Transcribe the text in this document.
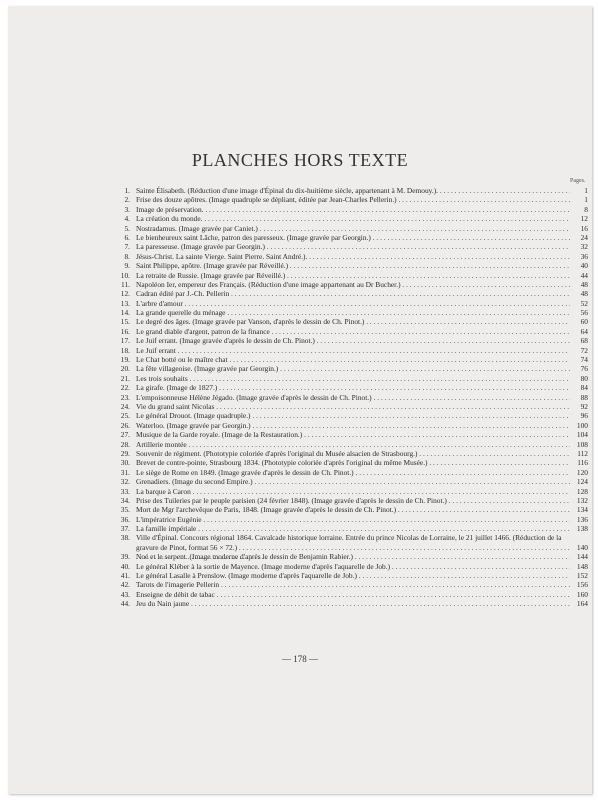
PLANCHES HORS TEXTE
Pages.
1. Sainte Élisabeth. (Réduction d'une image d'Épinal du dix-huitième siècle, appartenant à M. Demouy.). . . .	1
2. Frise des douze apôtres. (Image quadruple se dépliant, éditée par Jean-Charles Pellerin.) . . .	1
3. Image de préservation. . . .	8
4. La création du monde. . . .	12
5. Nostradamus. (Image gravée par Caniet.) . . .	16
6. Le bienheureux saint Lâche, patron des paresseux. (Image gravée par Georgin.) . . .	24
7. La paresseuse. (Image gravée par Georgin.) . . .	32
8. Jésus-Christ. La sainte Vierge. Saint Pierre. Saint André.). . . .	36
9. Saint Philippe, apôtre. (Image gravée par Réveillé.) . . .	40
10. La retraite de Russie. (Image gravée par Réveillé.) . . .	44
11. Napoléon Ier, empereur des Français. (Réduction d'une image appartenant au Dr Bucher.) . . .	48
12. Cadran édité par J.-Ch. Pellerin . . .	48
13. L'arbre d'amour . . .	52
14. La grande querelle du ménage . . .	56
15. Le degré des âges. (Image gravée par Vanson, d'après le dessin de Ch. Pinot.) . . .	60
16. Le grand diable d'argent, patron de la finance . . .	64
17. Le Juif errant. (Image gravée d'après le dessin de Ch. Pinot.) . . .	68
18. Le Juif errant . . .	72
19. Le Chat botté ou le maître chat . . .	74
20. La fête villageoise. (Image gravée par Georgin.) . . .	76
21. Les trois souhaits . . .	80
22. La girafe. (Image de 1827.) . . .	84
23. L'empoisonneuse Hélène Jégado. (Image gravée d'après le dessin de Ch. Pinot.) . . .	88
24. Vie du grand saint Nicolas . . .	92
25. Le général Drouot. (Image quadruple.) . . .	96
26. Waterloo. (Image gravée par Georgin.) . . .	100
27. Musique de la Garde royale. (Image de la Restauration.) . . .	104
28. Artillerie montée . . .	108
29. Souvenir de régiment. (Phototypie coloriée d'après l'original du Musée alsacien de Strasbourg.) . . .	112
30. Brevet de contre-pointe, Strasbourg 1834. (Phototypie coloriée d'après l'original du même Musée.) . . .	116
31. Le siège de Rome en 1849. (Image gravée d'après le dessin de Ch. Pinot.) . . .	120
32. Grenadiers. (Image du second Empire.) . . .	124
33. La barque à Caron . . .	128
34. Prise des Tuileries par le peuple parisien (24 février 1848). (Image gravée d'après le dessin de Ch. Pinot.) . . .	132
35. Mort de Mgr l'archevêque de Paris, 1848. (Image gravée d'après le dessin de Ch. Pinot.) . . .	134
36. L'impératrice Eugénie . . .	136
37. La famille impériale . . .	138
38. Ville d'Épinal. Concours régional 1864. Cavalcade historique lorraine. Entrée du prince Nicolas de Lorraine, le 21 juillet 1466. (Réduction de la gravure de Pinot, format 56 × 72.) . . .	140
39. Noé et le serpent. (Image moderne d'après le dessin de Benjamin Rabier.) . . .	144
40. Le général Kléber à la sortie de Mayence. (Image moderne d'après l'aquarelle de Job.) . . .	148
41. Le général Lasalle à Prenslow. (Image moderne d'après l'aquarelle de Job.) . . .	152
42. Tarots de l'imagerie Pellerin . . .	156
43. Enseigne de débit de tabac . . .	160
44. Jeu du Nain jaune . . .	164
— 178 —
